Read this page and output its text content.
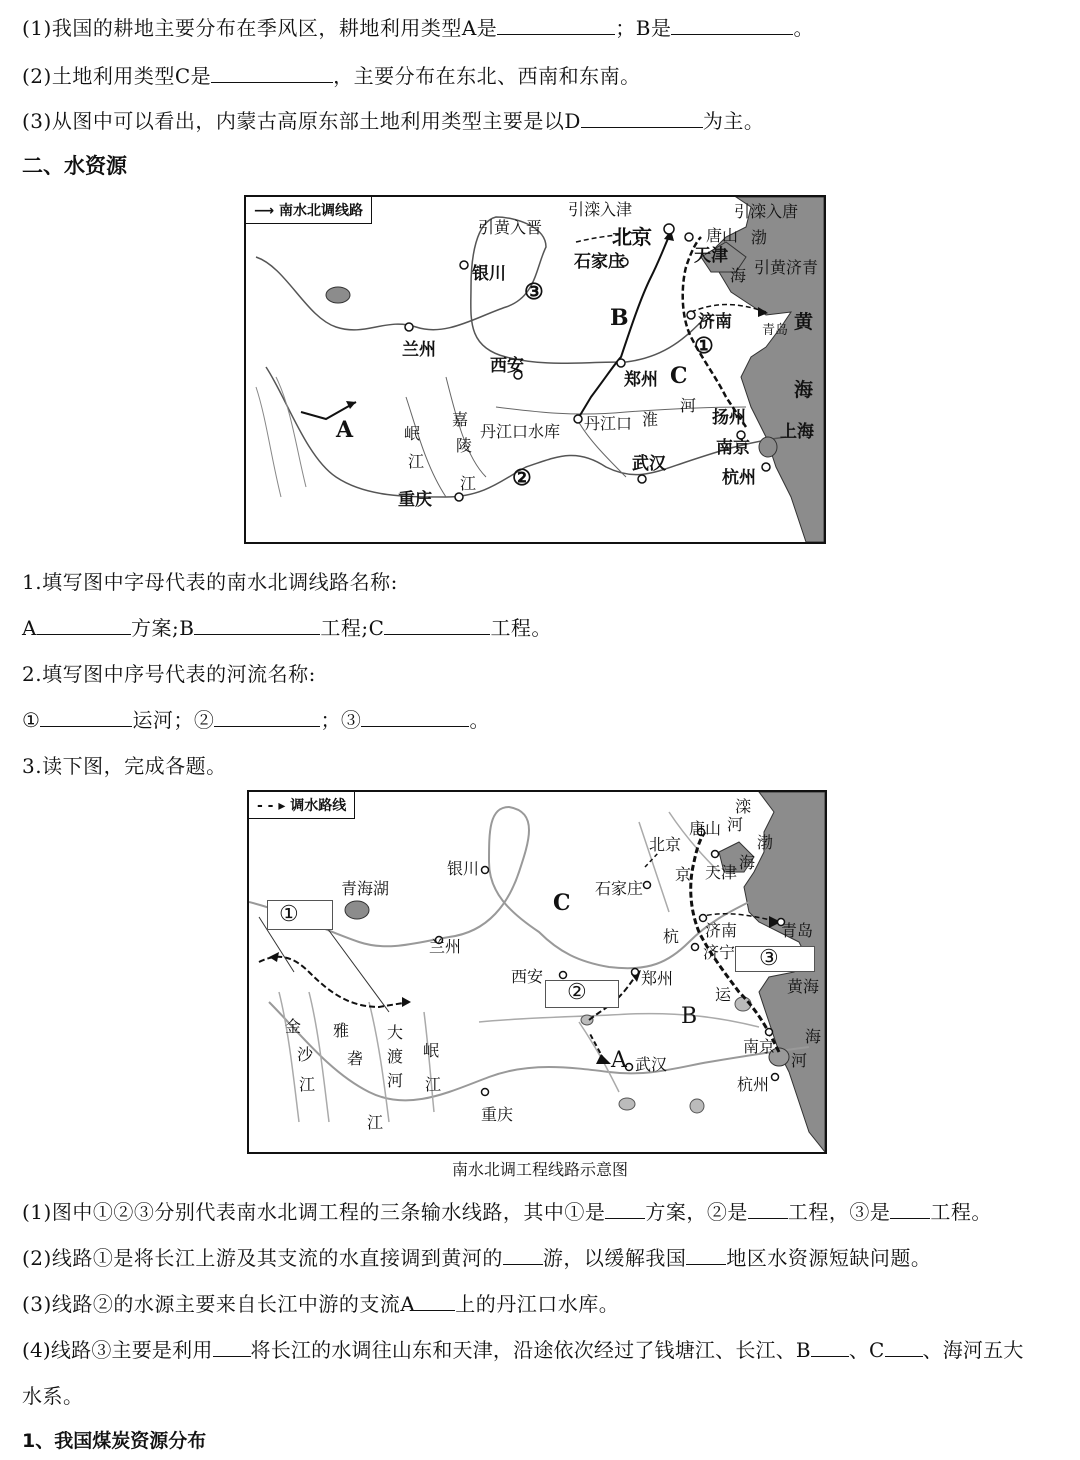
(1)我国的耕地主要分布在季风区，耕地利用类型A是	；B是	。
(2)土地利用类型C是	，主要分布在东北、西南和东南。
(3)从图中可以看出，内蒙古高原东部土地利用类型主要是以D	为主。
二、水资源
⟶ 南水北调线路
引黄入晋
引滦入津	引滦入唐
北京
天津
唐山 渤
海 引黄济青
银川
石家庄
③
B	济南 青岛 黄
海
兰州
西安
郑州 C
①
A	岷
江
嘉
陵
江
丹江口水库 丹江口 淮
河
扬州
上海
南京
②
武汉
重庆
杭州
1.填写图中字母代表的南水北调线路名称:
A	方案;B	工程;C	工程。
2.填写图中序号代表的河流名称:
①	运河；②	；③	。
3.读下图，完成各题。
- - ▸ 调水路线	滦
河
北京
唐山
渤
海
京 天津
银川
青海湖
C
石家庄
济南	青岛
①
杭
济宁 ③
兰州
黄海
运
西安
②
郑州
B
金 雅 大
岷
沙 砻 渡	A 武汉
南京
河 江
江
河
海
杭州
江	重庆
南水北调工程线路示意图
(1)图中①②③分别代表南水北调工程的三条输水线路，其中①是 方案，②是 工程，③是 工程。
(2)线路①是将长江上游及其支流的水直接调到黄河的 游，以缓解我国 地区水资源短缺问题。
(3)线路②的水源主要来自长江中游的支流A 上的丹江口水库。
(4)线路③主要是利用 将长江的水调往山东和天津，沿途依次经过了钱塘江、长江、B 、C 、海河五大
水系。
1、我国煤炭资源分布
